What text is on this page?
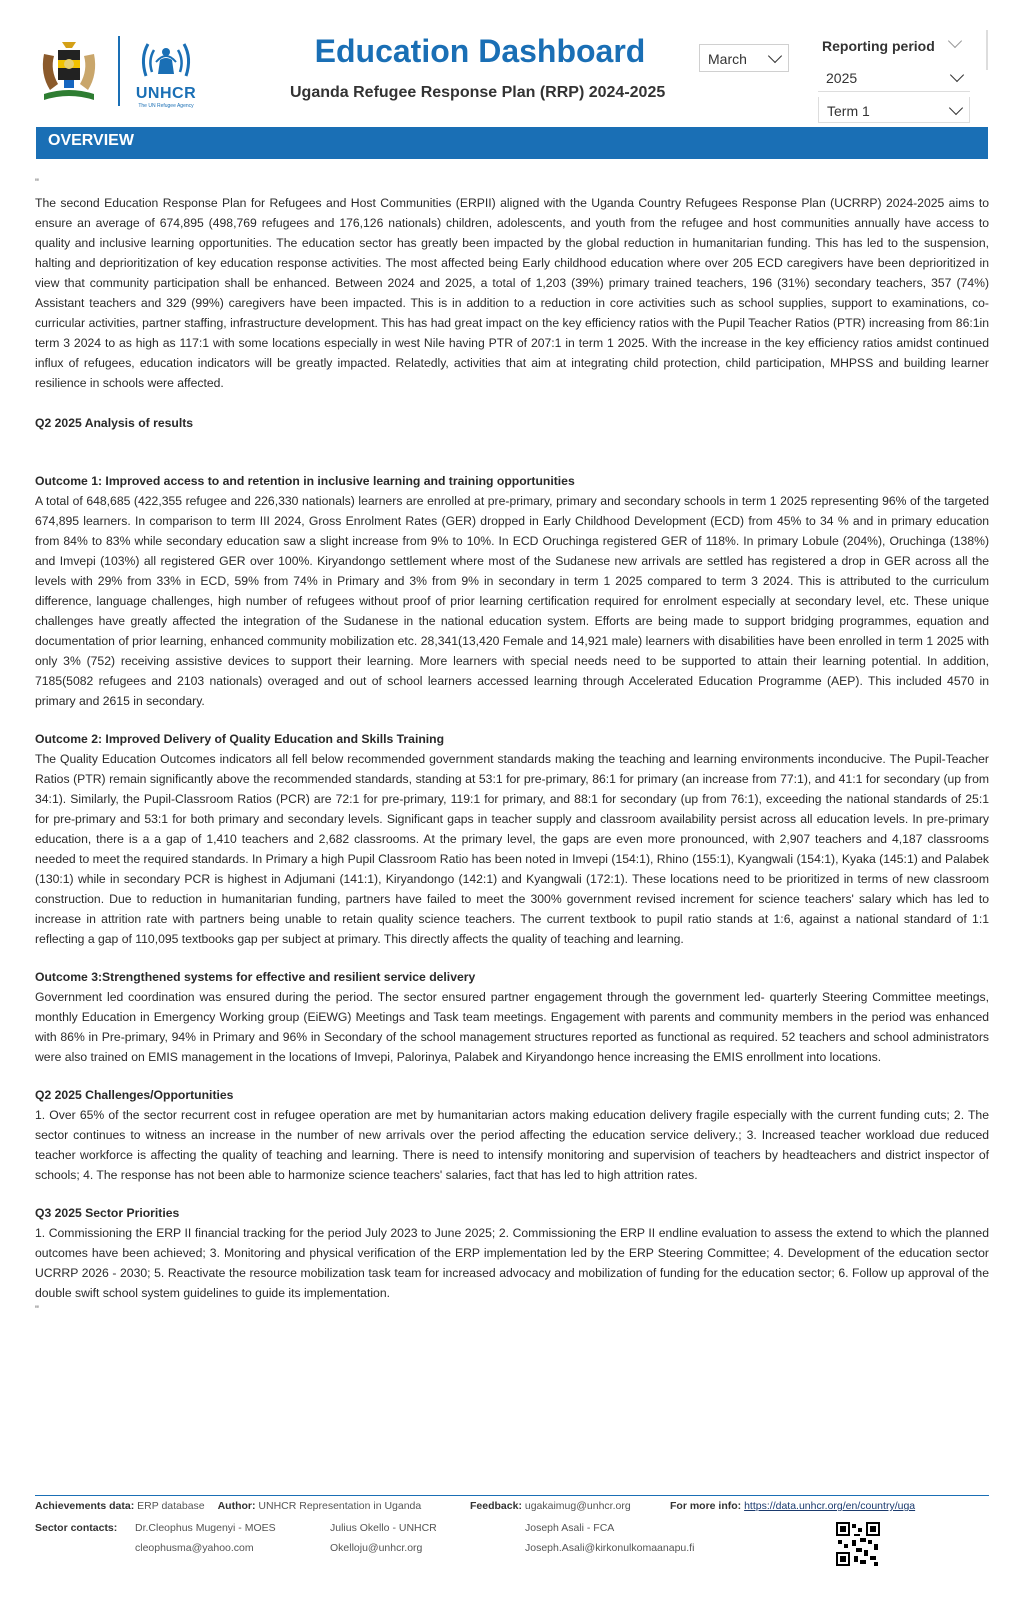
UNHCR
The UN Refugee Agency
Education Dashboard
Uganda Refugee Response Plan (RRP) 2024-2025
March
Reporting period
2025
Term 1
OVERVIEW

"

The second Education Response Plan for Refugees and Host Communities (ERPII) aligned with the Uganda Country Refugees Response Plan (UCRRP) 2024-2025 aims to ensure an average of 674,895 (498,769 refugees and 176,126 nationals) children, adolescents, and youth from the refugee and host communities annually have access to quality and inclusive learning opportunities. The education sector has greatly been impacted by the global reduction in humanitarian funding. This has led to the suspension, halting and deprioritization of key education response activities. The most affected being Early childhood education where over 205 ECD caregivers have been deprioritized in view that community participation shall be enhanced. Between 2024 and 2025, a total of 1,203 (39%) primary trained teachers, 196 (31%) secondary teachers, 357 (74%) Assistant teachers and 329 (99%) caregivers have been impacted. This is in addition to a reduction in core activities such as school supplies, support to examinations, co-curricular activities, partner staffing, infrastructure development. This has had great impact on the key efficiency ratios with the Pupil Teacher Ratios (PTR) increasing from 86:1in term 3 2024 to as high as 117:1 with some locations especially in west Nile having PTR of 207:1 in term 1 2025. With the increase in the key efficiency ratios amidst continued influx of refugees, education indicators will be greatly impacted. Relatedly, activities that aim at integrating child protection, child participation, MHPSS and building learner resilience in schools were affected.

Q2 2025 Analysis of results

Outcome 1: Improved access to and retention in inclusive learning and training opportunities

A total of 648,685 (422,355 refugee and 226,330 nationals) learners are enrolled at pre-primary, primary and secondary schools in term 1 2025 representing 96% of the targeted 674,895 learners. In comparison to term III 2024, Gross Enrolment Rates (GER) dropped in Early Childhood Development (ECD) from 45% to 34 % and in primary education from 84% to 83% while secondary education saw a slight increase from 9% to 10%. In ECD Oruchinga registered GER of 118%. In primary Lobule (204%), Oruchinga (138%) and Imvepi (103%) all registered GER over 100%. Kiryandongo settlement where most of the Sudanese new arrivals are settled has registered a drop in GER across all the levels with 29% from 33% in ECD, 59% from 74% in Primary and 3% from 9% in secondary in term 1 2025 compared to term 3 2024. This is attributed to the curriculum difference, language challenges, high number of refugees without proof of prior learning certification required for enrolment especially at secondary level, etc. These unique challenges have greatly affected the integration of the Sudanese in the national education system. Efforts are being made to support bridging programmes, equation and documentation of prior learning, enhanced community mobilization etc. 28,341(13,420 Female and 14,921 male) learners with disabilities have been enrolled in term 1 2025 with only 3% (752) receiving assistive devices to support their learning. More learners with special needs need to be supported to attain their learning potential. In addition, 7185(5082 refugees and 2103 nationals) overaged and out of school learners accessed learning through Accelerated Education Programme (AEP). This included 4570 in primary and 2615 in secondary.

Outcome 2: Improved Delivery of Quality Education and Skills Training

The Quality Education Outcomes indicators all fell below recommended government standards making the teaching and learning environments inconducive. The Pupil-Teacher Ratios (PTR) remain significantly above the recommended standards, standing at 53:1 for pre-primary, 86:1 for primary (an increase from 77:1), and 41:1 for secondary (up from 34:1). Similarly, the Pupil-Classroom Ratios (PCR) are 72:1 for pre-primary, 119:1 for primary, and 88:1 for secondary (up from 76:1), exceeding the national standards of 25:1 for pre-primary and 53:1 for both primary and secondary levels. Significant gaps in teacher supply and classroom availability persist across all education levels. In pre-primary education, there is a a gap of 1,410 teachers and 2,682 classrooms. At the primary level, the gaps are even more pronounced, with 2,907 teachers and 4,187 classrooms needed to meet the required standards. In Primary a high Pupil Classroom Ratio has been noted in Imvepi (154:1), Rhino (155:1), Kyangwali (154:1), Kyaka (145:1) and Palabek (130:1) while in secondary PCR is highest in Adjumani (141:1), Kiryandongo (142:1) and Kyangwali (172:1). These locations need to be prioritized in terms of new classroom construction. Due to reduction in humanitarian funding, partners have failed to meet the 300% government revised increment for science teachers' salary which has led to increase in attrition rate with partners being unable to retain quality science teachers. The current textbook to pupil ratio stands at 1:6, against a national standard of 1:1 reflecting a gap of 110,095 textbooks gap per subject at primary. This directly affects the quality of teaching and learning.

Outcome 3:Strengthened systems for effective and resilient service delivery

Government led coordination was ensured during the period. The sector ensured partner engagement through the government led- quarterly Steering Committee meetings, monthly Education in Emergency Working group (EiEWG) Meetings and Task team meetings. Engagement with parents and community members in the period was enhanced with 86% in Pre-primary, 94% in Primary and 96% in Secondary of the school management structures reported as functional as required. 52 teachers and school administrators were also trained on EMIS management in the locations of Imvepi, Palorinya, Palabek and Kiryandongo hence increasing the EMIS enrollment into locations.

Q2 2025 Challenges/Opportunities

1. Over 65% of the sector recurrent cost in refugee operation are met by humanitarian actors making education delivery fragile especially with the current funding cuts; 2. The sector continues to witness an increase in the number of new arrivals over the period affecting the education service delivery.; 3. Increased teacher workload due reduced teacher workforce is affecting the quality of teaching and learning. There is need to intensify monitoring and supervision of teachers by headteachers and district inspector of schools; 4. The response has not been able to harmonize science teachers' salaries, fact that has led to high attrition rates.

Q3 2025 Sector Priorities

1. Commissioning the ERP II financial tracking for the period July 2023 to June 2025; 2. Commissioning the ERP II endline evaluation to assess the extend to which the planned outcomes have been achieved; 3. Monitoring and physical verification of the ERP implementation led by the ERP Steering Committee; 4. Development of the education sector UCRRP 2026 - 2030; 5. Reactivate the resource mobilization task team for increased advocacy and mobilization of funding for the education sector; 6. Follow up approval of the double swift school system guidelines to guide its implementation.

"

Achievements data: ERP database Author: UNHCR Representation in Uganda	Feedback: ugakaimug@unhcr.org	For more info: https://data.unhcr.org/en/country/uga
Sector contacts: Dr.Cleophus Mugenyi - MOES
cleophusma@yahoo.com
Julius Okello - UNHCR
Okelloju@unhcr.org
Joseph Asali - FCA
Joseph.Asali@kirkonulkomaanapu.fi
